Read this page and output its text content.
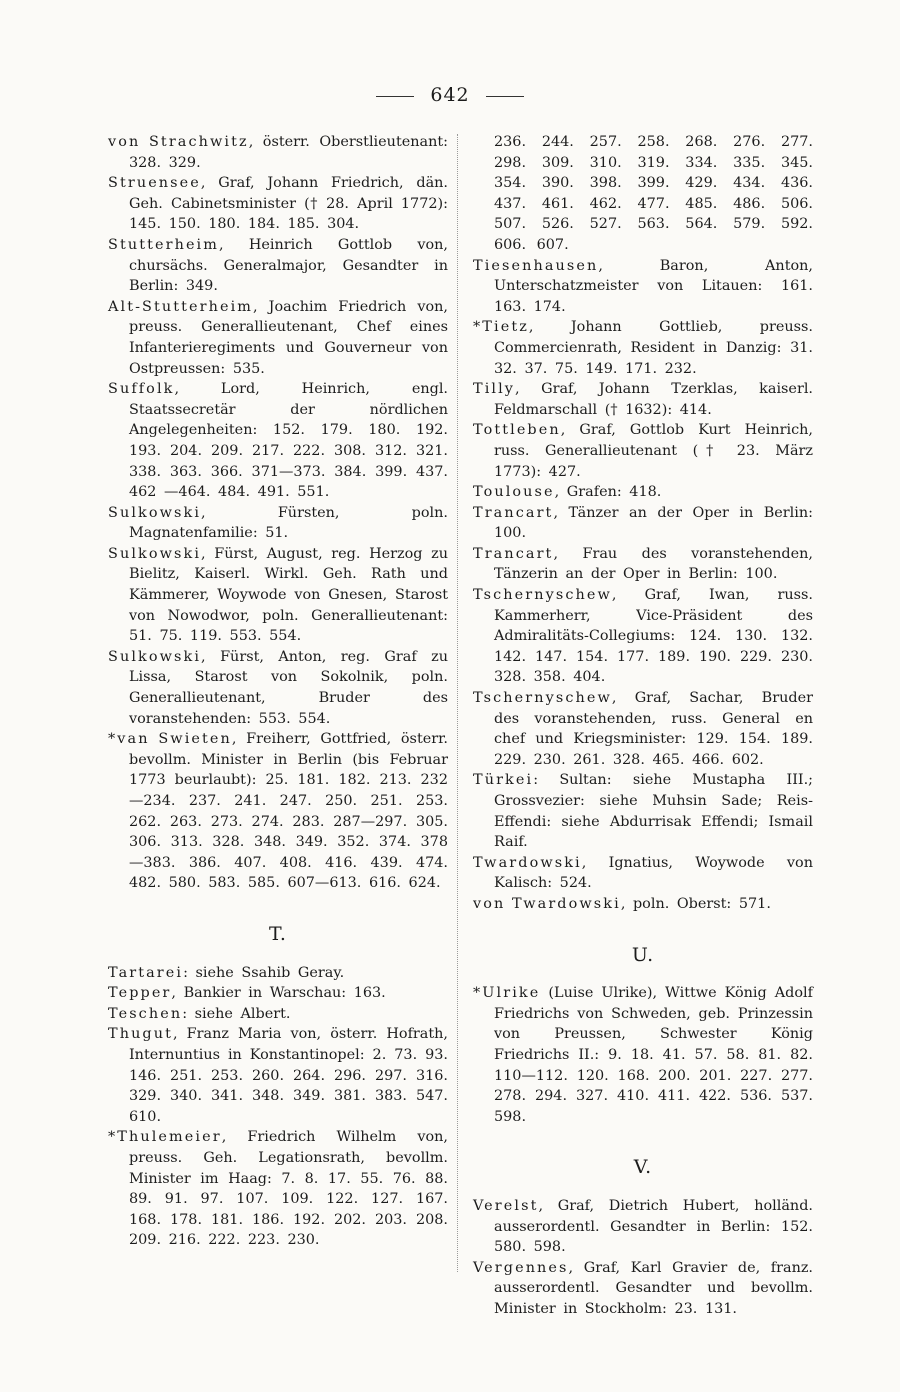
642

von Strachwitz, österr. Oberstlieutenant: 328. 329.

Struensee, Graf, Johann Friedrich, dän. Geh. Cabinetsminister († 28. April 1772): 145. 150. 180. 184. 185. 304.

Stutterheim, Heinrich Gottlob von, chursächs. Generalmajor, Gesandter in Berlin: 349.

Alt-Stutterheim, Joachim Friedrich von, preuss. Generallieutenant, Chef eines Infanterieregiments und Gouverneur von Ostpreussen: 535.

Suffolk, Lord, Heinrich, engl. Staatssecretär der nördlichen Angelegenheiten: 152. 179. 180. 192. 193. 204. 209. 217. 222. 308. 312. 321. 338. 363. 366. 371—373. 384. 399. 437. 462 —464. 484. 491. 551.

Sulkowski, Fürsten, poln. Magnatenfamilie: 51.

Sulkowski, Fürst, August, reg. Herzog zu Bielitz, Kaiserl. Wirkl. Geh. Rath und Kämmerer, Woywode von Gnesen, Starost von Nowodwor, poln. Generallieutenant: 51. 75. 119. 553. 554.

Sulkowski, Fürst, Anton, reg. Graf zu Lissa, Starost von Sokolnik, poln. Generallieutenant, Bruder des voranstehenden: 553. 554.

*van Swieten, Freiherr, Gottfried, österr. bevollm. Minister in Berlin (bis Februar 1773 beurlaubt): 25. 181. 182. 213. 232—234. 237. 241. 247. 250. 251. 253. 262. 263. 273. 274. 283. 287—297. 305. 306. 313. 328. 348. 349. 352. 374. 378—383. 386. 407. 408. 416. 439. 474. 482. 580. 583. 585. 607—613. 616. 624.

T.

Tartarei: siehe Ssahib Geray.

Tepper, Bankier in Warschau: 163.

Teschen: siehe Albert.

Thugut, Franz Maria von, österr. Hofrath, Internuntius in Konstantinopel: 2. 73. 93. 146. 251. 253. 260. 264. 296. 297. 316. 329. 340. 341. 348. 349. 381. 383. 547. 610.

*Thulemeier, Friedrich Wilhelm von, preuss. Geh. Legationsrath, bevollm. Minister im Haag: 7. 8. 17. 55. 76. 88. 89. 91. 97. 107. 109. 122. 127. 167. 168. 178. 181. 186. 192. 202. 203. 208. 209. 216. 222. 223. 230.

236. 244. 257. 258. 268. 276. 277. 298. 309. 310. 319. 334. 335. 345. 354. 390. 398. 399. 429. 434. 436. 437. 461. 462. 477. 485. 486. 506. 507. 526. 527. 563. 564. 579. 592. 606. 607.

Tiesenhausen, Baron, Anton, Unterschatzmeister von Litauen: 161. 163. 174.

*Tietz, Johann Gottlieb, preuss. Commercienrath, Resident in Danzig: 31. 32. 37. 75. 149. 171. 232.

Tilly, Graf, Johann Tzerklas, kaiserl. Feldmarschall († 1632): 414.

Tottleben, Graf, Gottlob Kurt Heinrich, russ. Generallieutenant († 23. März 1773): 427.

Toulouse, Grafen: 418.

Trancart, Tänzer an der Oper in Berlin: 100.

Trancart, Frau des voranstehenden, Tänzerin an der Oper in Berlin: 100.

Tschernyschew, Graf, Iwan, russ. Kammerherr, Vice-Präsident des Admiralitäts-Collegiums: 124. 130. 132. 142. 147. 154. 177. 189. 190. 229. 230. 328. 358. 404.

Tschernyschew, Graf, Sachar, Bruder des voranstehenden, russ. General en chef und Kriegsminister: 129. 154. 189. 229. 230. 261. 328. 465. 466. 602.

Türkei: Sultan: siehe Mustapha III.; Grossvezier: siehe Muhsin Sade; Reis-Effendi: siehe Abdurrisak Effendi; Ismail Raif.

Twardowski, Ignatius, Woywode von Kalisch: 524.

von Twardowski, poln. Oberst: 571.

U.

*Ulrike (Luise Ulrike), Wittwe König Adolf Friedrichs von Schweden, geb. Prinzessin von Preussen, Schwester König Friedrichs II.: 9. 18. 41. 57. 58. 81. 82. 110—112. 120. 168. 200. 201. 227. 277. 278. 294. 327. 410. 411. 422. 536. 537. 598.

V.

Verelst, Graf, Dietrich Hubert, holländ. ausserordentl. Gesandter in Berlin: 152. 580. 598.

Vergennes, Graf, Karl Gravier de, franz. ausserordentl. Gesandter und bevollm. Minister in Stockholm: 23. 131.
